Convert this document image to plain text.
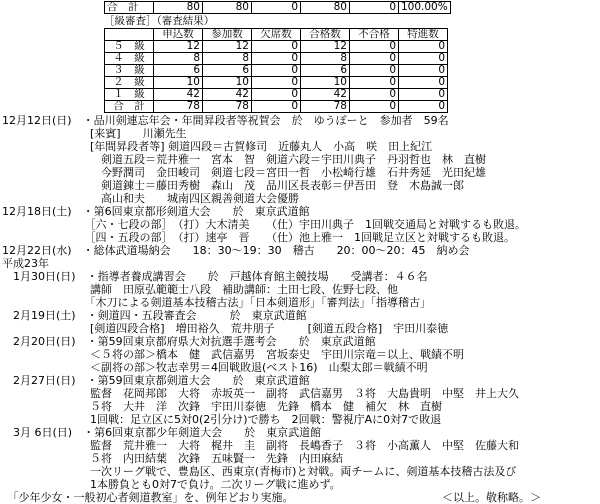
合　計	80	80	0	80	0	100.00%
［級審査］（審査結果）
	申込数	参加数	欠席数	合格数	不合格	特進数
５　級	12	12	0	12	0	0
４　級	8	8	0	8	0	0
３　級	6	6	0	6	0	0
２　級	10	10	0	10	0	0
１　級	42	42	0	42	0	0
合　計	78	78	0	78	0	0
12月12日(日)　・品川剣連忘年会・年間昇段者等祝賀会　於　ゆうぽーと　参加者　59名
　　　　　　　　[来賓]　　川瀬先生
　　　　　　　　[年間昇段者等] 剣道四段＝古賀修司　近藤丸人　小高　咲　田上紀江
　　　　　　　　　剣道五段＝荒井雅一　宮本　智　剣道六段＝宇田川典子　丹羽哲也　林　直樹
　　　　　　　　　今野潤司　金田峻司　剣道七段＝宮田一哲　小松崎行雄　石井秀延　光田紀雄
　　　　　　　　　剣道錬士＝藤田秀樹　森山　茂　品川区長表彰＝伊吾田　登　木島誠一郎
　　　　　　　　　高山和夫　　城南四区親善剣道大会優勝
12月18日(土)　・第6回東京都形剣道大会　　於　東京武道館
　　　　　　　　［六・七段の部］　（打）大木清美　　（仕）宇田川典子　1回戦交通局と対戦するも敗退。
　　　　　　　　［四・五段の部］　（打）速亭　晋　　（仕）池上雅一　1回戦足立区と対戦するも敗退。
12月22日(水)　・総体武道場納会　　18：30～19：30　稽古　　20：00～20：45　納め会
平成23年
　1月30日(日)　・指導者養成講習会　　於　戸越体育館主競技場　　受講者：４６名
　　　　　　　　講師　田原弘範範士八段　補助講師：土田七段、佐野七段、他
　　　　　　　　「木刀による剣道基本技稽古法」「日本剣道形」「審判法」「指導稽古」
　2月19日(土)　・剣道四・五段審査会　　　於　東京武道館
　　　　　　　　[剣道四段合格]　増田裕久　荒井朋子　　　[剣道五段合格]　宇田川泰徳
　2月20日(日)　・第59回東京都府県大対抗選手選考会　　於　東京武道館
　　　　　　　　＜５将の部＞橋本　健　武信嘉男　宮坂泰史　宇田川宗竜＝以上、戦績不明
　　　　　　　　＜副将の部＞牧志幸男＝4回戦敗退(ベスト16)　山梨太郎＝戦績不明
　2月27日(日)　・第59回東京都剣道大会　　於　東京武道館
　　　　　　　　監督　花岡邦郎　大将　赤坂英一　副将　武信嘉男　３将　大島貴明　中堅　井上大久
　　　　　　　　５将　大井　洋　次鋒　宇田川泰徳　先鋒　橋本　健　補欠　林　直樹
　　　　　　　　1回戦：足立区に5対0(2引分け)で勝ち　2回戦：警視庁Aに0対7で敗退
　3月 6日(日)　・第6回東京都少年剣道大会　　於　東京武道館
　　　　　　　　監督　荒井雅一　大将　梶井　圭　副将　長嶋香子　３将　小高薫人　中堅　佐藤大和
　　　　　　　　５将　内田結葉　次鋒　五味賢一　先鋒　内田麻結
　　　　　　　　一次リーグ戦で、豊島区、西東京(青梅市)と対戦。両チームに、剣道基本技稽古法及び
　　　　　　　　1本勝負とも0対7で負け。二次リーグ戦に進めず。
　「少年少女・一般初心者剣道教室」を、例年どおり実施。　　　　　　　　　　　　　　＜以上。敬称略。＞
